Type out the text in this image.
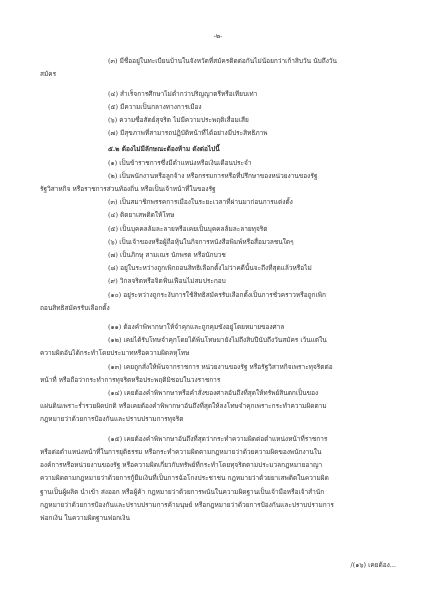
-๒-
(๓) มีชื่ออยู่ในทะเบียนบ้านในจังหวัดที่สมัครติดต่อกันไม่น้อยกว่าเก้าสิบวัน นับถึงวัน
สมัคร
(๔) สำเร็จการศึกษาไม่ต่ำกว่าปริญญาตรีหรือเทียบเท่า
(๕) มีความเป็นกลางทางการเมือง
(๖) ความซื่อสัตย์สุจริต ไม่มีความประพฤติเสื่อมเสีย
(๗) มีสุขภาพที่สามารถปฏิบัติหน้าที่ได้อย่างมีประสิทธิภาพ
๕.๒ ต้องไม่มีลักษณะต้องห้าม ดังต่อไปนี้
(๑) เป็นข้าราชการซึ่งมีตำแหน่งหรือเงินเดือนประจำ
(๒) เป็นพนักงานหรือลูกจ้าง หรือกรรมการหรือที่ปรึกษาของหน่วยงานของรัฐ
รัฐวิสาหกิจ หรือราชการส่วนท้องถิ่น หรือเป็นเจ้าหน้าที่ในของรัฐ
(๓) เป็นสมาชิกพรรคการเมืองในระยะเวลาที่ผ่านมาก่อนการแต่งตั้ง
(๔) ติดยาเสพติดให้โทษ
(๕) เป็นบุคคลล้มละลายหรือเคยเป็นบุคคลล้มละลายทุจริต
(๖) เป็นเจ้าของหรือผู้ถือหุ้นในกิจการหนังสือพิมพ์หรือสื่อมวลชนใดๆ
(๗) เป็นภิกษุ สามเณร นักพรต หรือนักบวช
(๘) อยู่ในระหว่างถูกเพิกถอนสิทธิเลือกตั้งไม่ว่าคดีนั้นจะถึงที่สุดแล้วหรือไม่
(๙) วิกลจริตหรือจิตฟั่นเฟือนไม่สมประกอบ
(๑๐) อยู่ระหว่างถูกระงับการใช้สิทธิสมัครรับเลือกตั้งเป็นการชั่วคราวหรือถูกเพิก
ถอนสิทธิสมัครรับเลือกตั้ง
(๑๑) ต้องคำพิพากษาให้จำคุกและถูกคุมขังอยู่โดยหมายของศาล
(๑๒) เคยได้รับโทษจำคุกโดยได้พ้นโทษมายังไม่ถึงสิบปีนับถึงวันสมัคร เว้นแต่ใน
ความผิดอันได้กระทำโดยประมาทหรือความผิดลหุโทษ
(๑๓) เคยถูกสั่งให้พ้นจากราชการ หน่วยงานของรัฐ หรือรัฐวิสาหกิจเพราะทุจริตต่อ
หน้าที่ หรือถือว่ากระทำการทุจริตหรือประพฤติมิชอบในวงราชการ
(๑๔) เคยต้องคำพิพากษาหรือคำสั่งของศาลอันถึงที่สุดให้ทรัพย์สินตกเป็นของ
แผ่นดินเพราะร่ำรวยผิดปกติ หรือเคยต้องคำพิพากษาอันถึงที่สุดให้ลงโทษจำคุกเพราะกระทำความผิดตาม
กฎหมายว่าด้วยการป้องกันและปราบปรามการทุจริต
(๑๕) เคยต้องคำพิพากษาอันถึงที่สุดว่ากระทำความผิดต่อตำแหน่งหน้าที่ราชการ
หรือต่อตำแหน่งหน้าที่ในการยุติธรรม หรือกระทำความผิดตามกฎหมายว่าด้วยความผิดของพนักงานใน
องค์การหรือหน่วยงานของรัฐ หรือความผิดเกี่ยวกับทรัพย์ที่กระทำโดยทุจริตตามประมวลกฎหมายอาญา
ความผิดตามกฎหมายว่าด้วยการกู้ยืมเงินที่เป็นการฉ้อโกงประชาชน กฎหมายว่าด้วยยาเสพติดในความผิด
ฐานเป็นผู้ผลิต นำเข้า ส่งออก หรือผู้ค้า กฎหมายว่าด้วยการพนันในความผิดฐานเป็นเจ้ามือหรือเจ้าสำนัก
กฎหมายว่าด้วยการป้องกันและปราบปรามการค้ามนุษย์ หรือกฎหมายว่าด้วยการป้องกันและปราบปรามการ
ฟอกเงิน ในความผิดฐานฟอกเงิน
/(๑๖) เคยต้อง...
